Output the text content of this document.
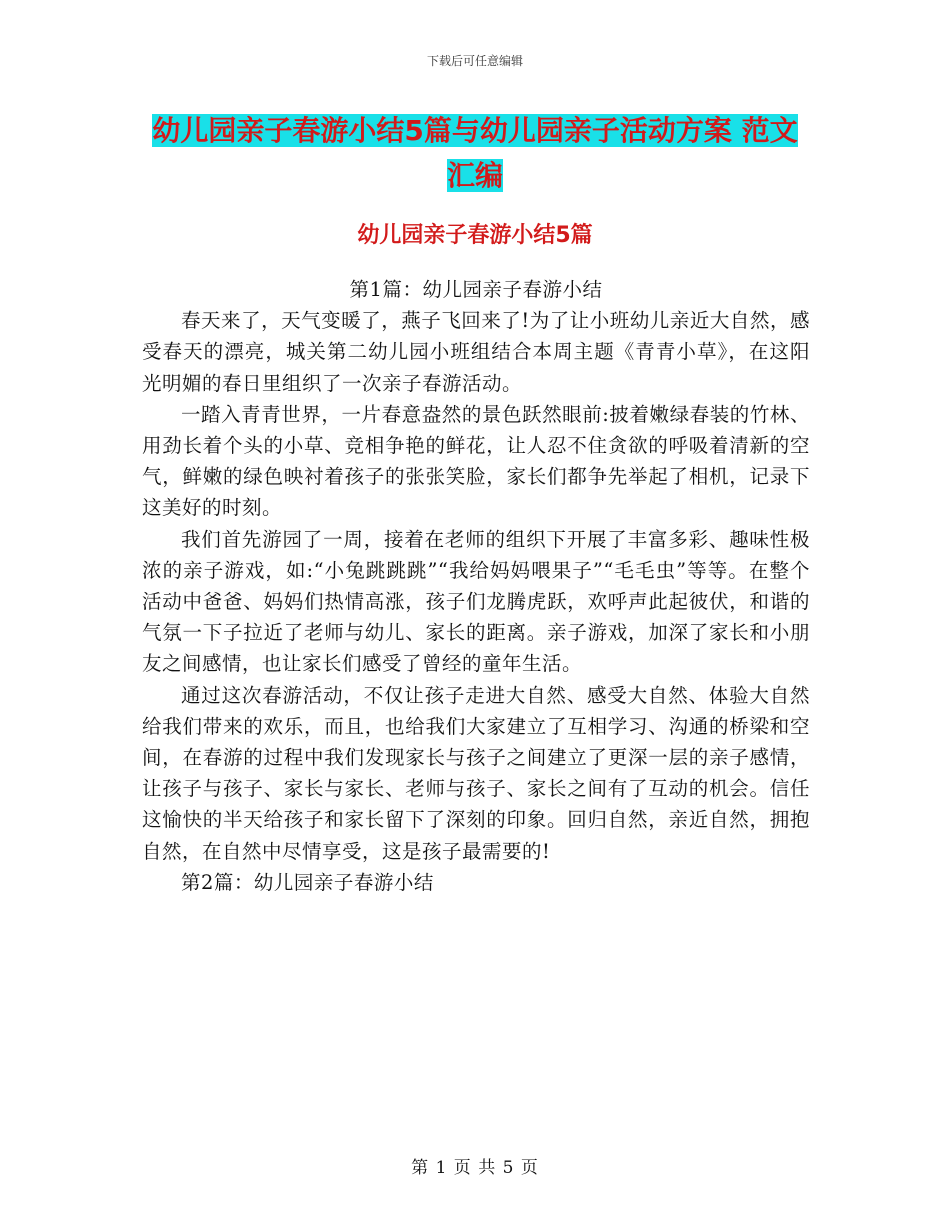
下载后可任意编辑
幼儿园亲子春游小结5篇与幼儿园亲子活动方案 范文
汇编
幼儿园亲子春游小结5篇

第1篇：幼儿园亲子春游小结

春天来了，天气变暖了，燕子飞回来了!为了让小班幼儿亲近大自然，感受春天的漂亮，城关第二幼儿园小班组结合本周主题《青青小草》，在这阳光明媚的春日里组织了一次亲子春游活动。

一踏入青青世界，一片春意盎然的景色跃然眼前:披着嫩绿春装的竹林、用劲长着个头的小草、竞相争艳的鲜花，让人忍不住贪欲的呼吸着清新的空气，鲜嫩的绿色映衬着孩子的张张笑脸，家长们都争先举起了相机，记录下这美好的时刻。

我们首先游园了一周，接着在老师的组织下开展了丰富多彩、趣味性极浓的亲子游戏，如:“小兔跳跳跳”“我给妈妈喂果子”“毛毛虫”等等。在整个活动中爸爸、妈妈们热情高涨，孩子们龙腾虎跃，欢呼声此起彼伏，和谐的气氛一下子拉近了老师与幼儿、家长的距离。亲子游戏，加深了家长和小朋友之间感情，也让家长们感受了曾经的童年生活。

通过这次春游活动，不仅让孩子走进大自然、感受大自然、体验大自然给我们带来的欢乐，而且，也给我们大家建立了互相学习、沟通的桥梁和空间，在春游的过程中我们发现家长与孩子之间建立了更深一层的亲子感情，让孩子与孩子、家长与家长、老师与孩子、家长之间有了互动的机会。信任这愉快的半天给孩子和家长留下了深刻的印象。回归自然，亲近自然，拥抱自然，在自然中尽情享受，这是孩子最需要的!

第2篇：幼儿园亲子春游小结

第 1 页 共 5 页
